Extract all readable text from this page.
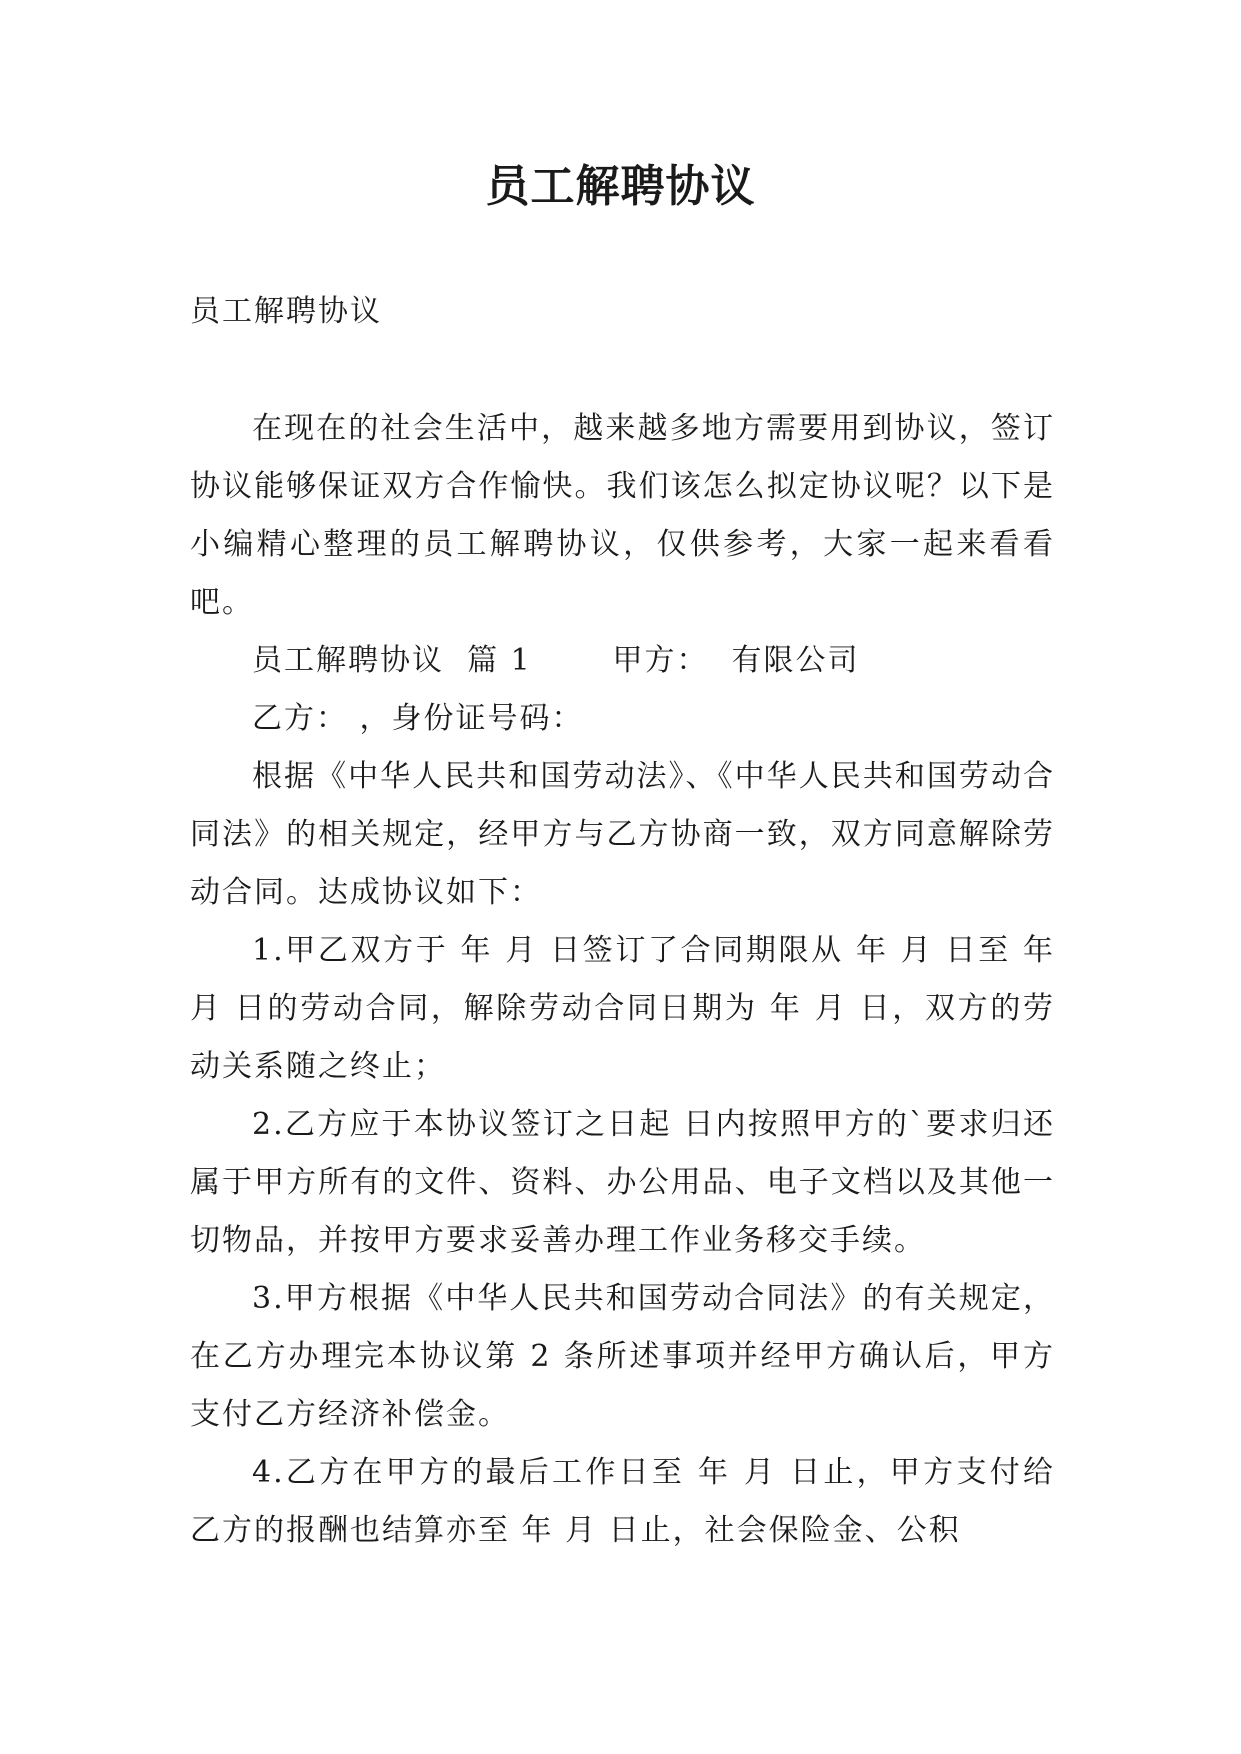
员工解聘协议

员工解聘协议

在现在的社会生活中，越来越多地方需要用到协议，签订协议能够保证双方合作愉快。我们该怎么拟定协议呢？以下是小编精心整理的员工解聘协议，仅供参考，大家一起来看看吧。

员工解聘协议  篇 1	甲方：  有限公司

乙方： ，身份证号码：

根据《中华人民共和国劳动法》、《中华人民共和国劳动合同法》的相关规定，经甲方与乙方协商一致，双方同意解除劳动合同。达成协议如下：

1.甲乙双方于 年 月 日签订了合同期限从 年 月 日至 年 月 日的劳动合同，解除劳动合同日期为 年 月 日，双方的劳动关系随之终止；

2.乙方应于本协议签订之日起 日内按照甲方的`要求归还属于甲方所有的文件、资料、办公用品、电子文档以及其他一切物品，并按甲方要求妥善办理工作业务移交手续。

3.甲方根据《中华人民共和国劳动合同法》的有关规定，在乙方办理完本协议第 2 条所述事项并经甲方确认后，甲方支付乙方经济补偿金。

4.乙方在甲方的最后工作日至 年 月 日止，甲方支付给乙方的报酬也结算亦至 年 月 日止，社会保险金、公积
